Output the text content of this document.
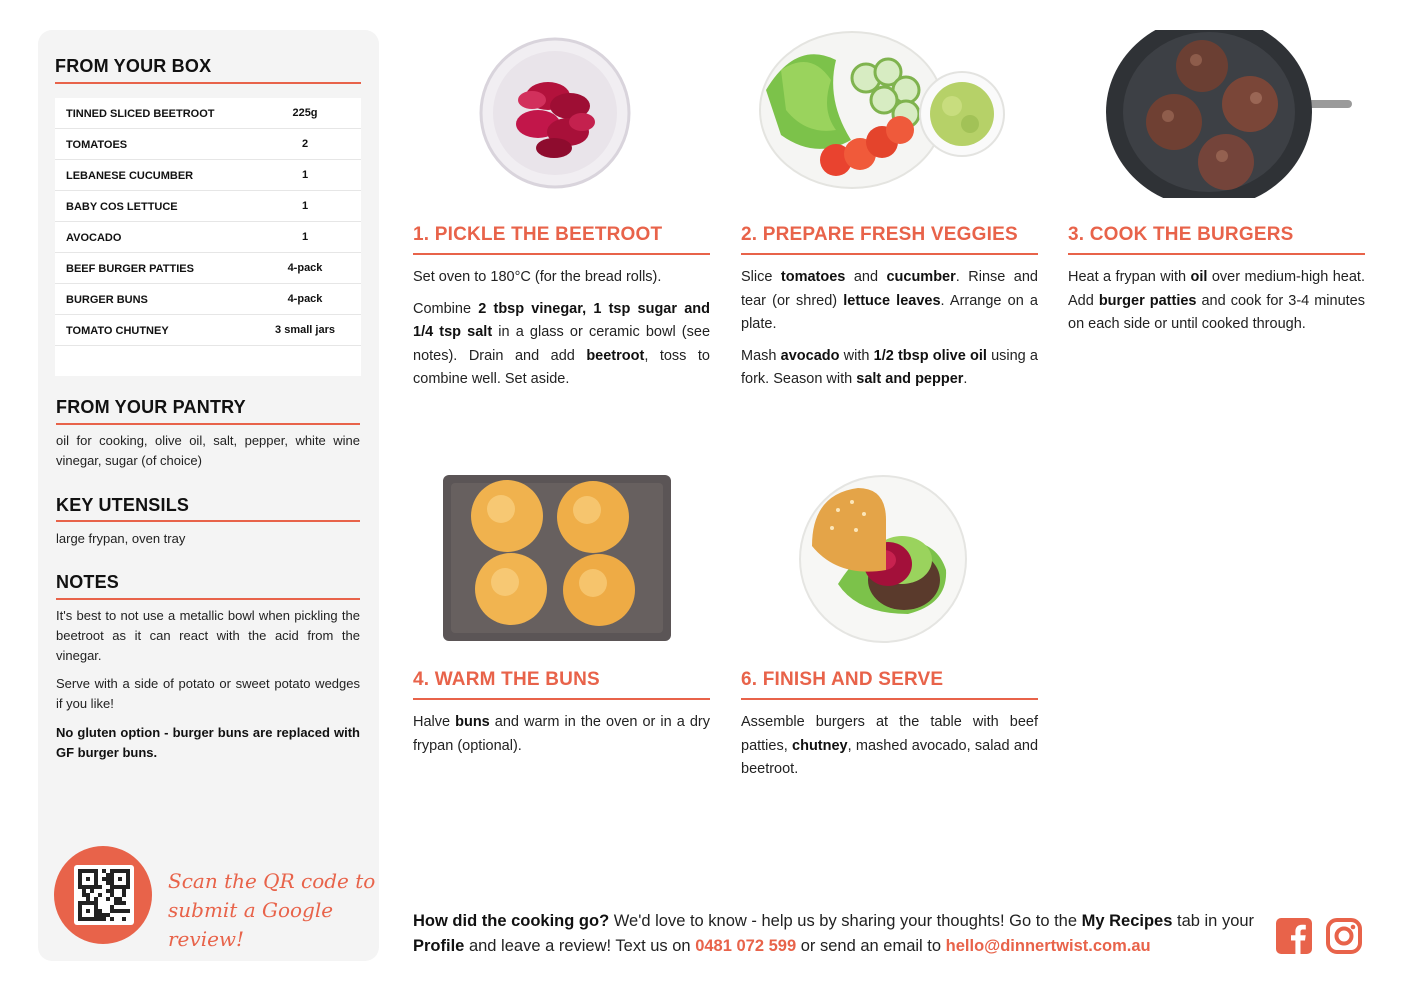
FROM YOUR BOX
TINNED SLICED BEETROOT	225g
TOMATOES	2
LEBANESE CUCUMBER	1
BABY COS LETTUCE	1
AVOCADO	1
BEEF BURGER PATTIES	4-pack
BURGER BUNS	4-pack
TOMATO CHUTNEY	3 small jars
FROM YOUR PANTRY
oil for cooking, olive oil, salt, pepper, white wine vinegar, sugar (of choice)
KEY UTENSILS
large frypan, oven tray
NOTES
It's best to not use a metallic bowl when pickling the beetroot as it can react with the acid from the vinegar.
Serve with a side of potato or sweet potato wedges if you like!
No gluten option - burger buns are replaced with GF burger buns.
Scan the QR code to
submit a Google review!
1. PICKLE THE BEETROOT

Set oven to 180°C (for the bread rolls).

Combine 2 tbsp vinegar, 1 tsp sugar and 1/4 tsp salt in a glass or ceramic bowl (see notes). Drain and add beetroot, toss to combine well. Set aside.

2. PREPARE FRESH VEGGIES

Slice tomatoes and cucumber. Rinse and tear (or shred) lettuce leaves. Arrange on a plate.

Mash avocado with 1/2 tbsp olive oil using a fork. Season with salt and pepper.

3. COOK THE BURGERS

Heat a frypan with oil over medium-high heat. Add burger patties and cook for 3-4 minutes on each side or until cooked through.

4. WARM THE BUNS

Halve buns and warm in the oven or in a dry frypan (optional).

6. FINISH AND SERVE

Assemble burgers at the table with beef patties, chutney, mashed avocado, salad and beetroot.

How did the cooking go? We'd love to know - help us by sharing your thoughts! Go to the My Recipes tab in your Profile and leave a review! Text us on 0481 072 599 or send an email to hello@dinnertwist.com.au
